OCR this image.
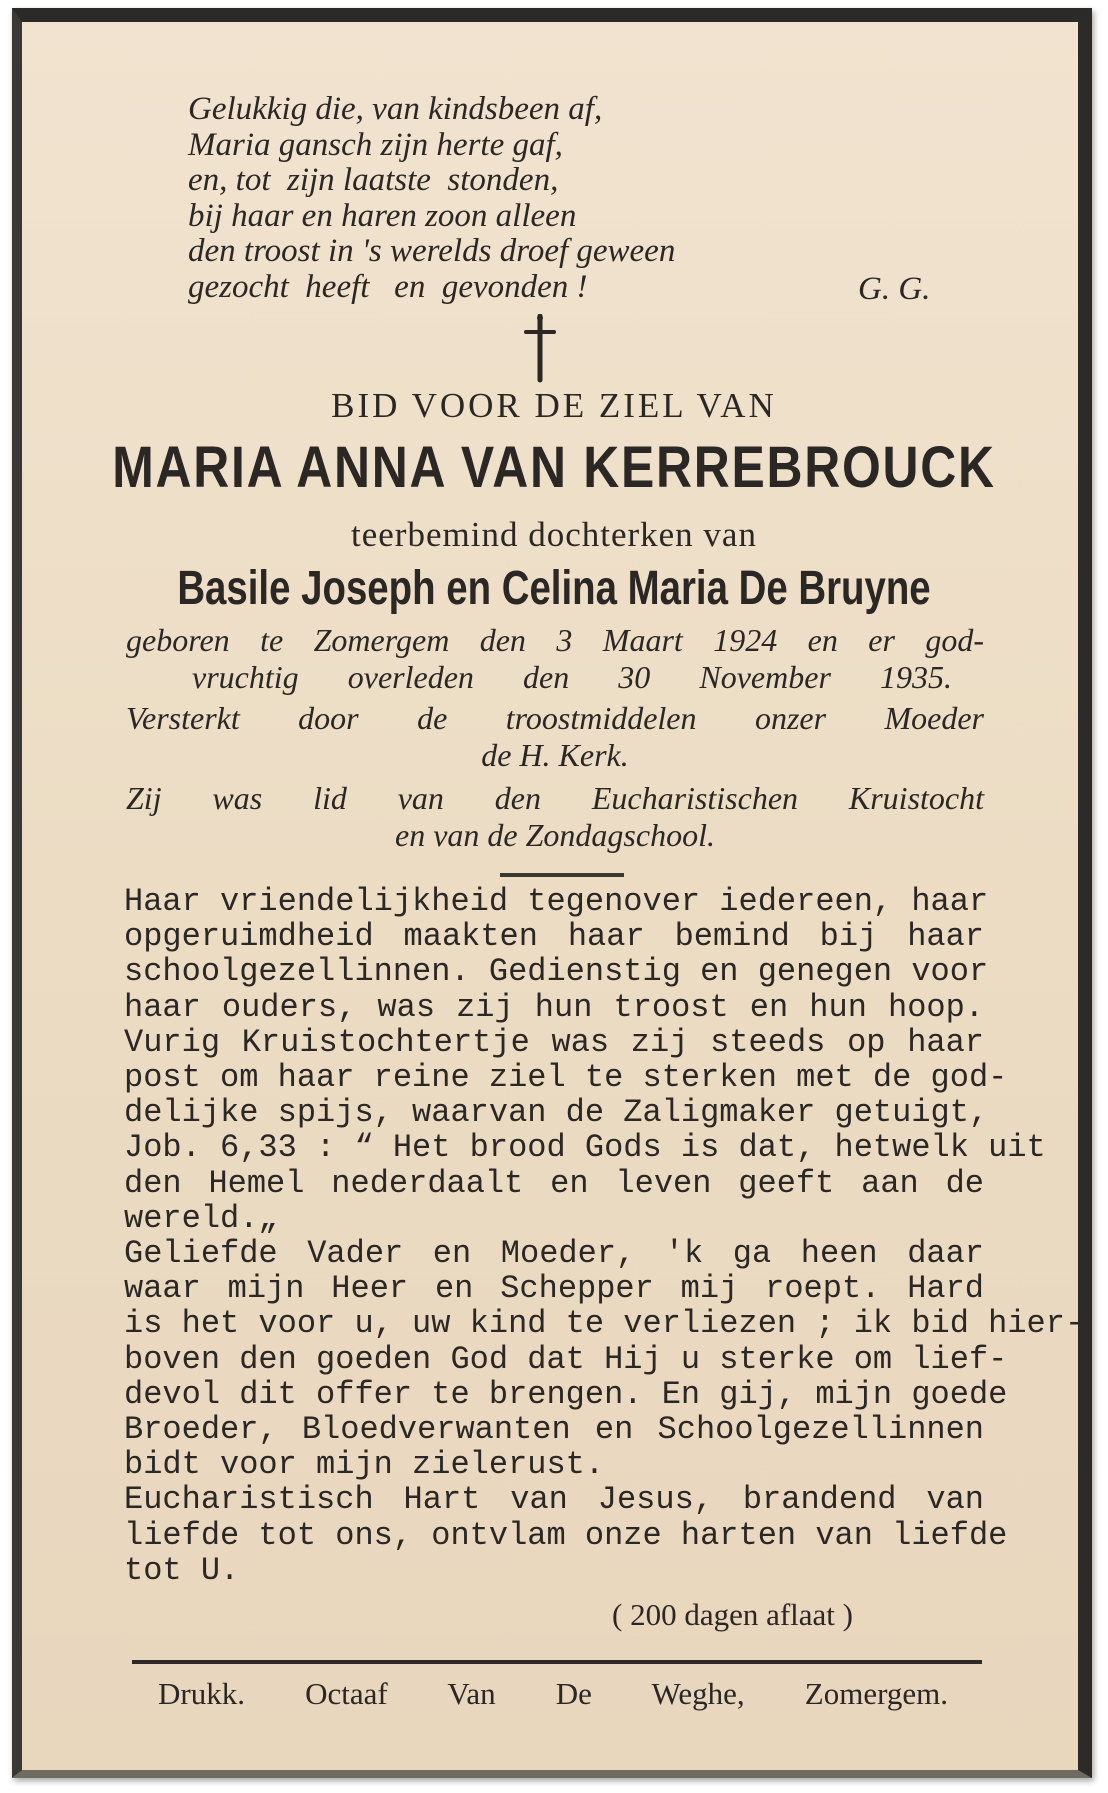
Gelukkig die, van kindsbeen af,
Maria gansch zijn herte gaf,
en, tot  zijn laatste  stonden,
bij haar en haren zoon alleen
den troost in 's werelds droef geween
gezocht  heeft   en  gevonden !	G. G.
BID VOOR DE ZIEL VAN
MARIA ANNA VAN KERREBROUCK
teerbemind dochterken van
Basile Joseph en Celina Maria De Bruyne
geboren te Zomergem den 3 Maart 1924 en er god-
vruchtig overleden den 30 November 1935.
Versterkt door de troostmiddelen onzer Moeder
de H. Kerk.
Zij was lid van den Eucharistischen Kruistocht
en van de Zondagschool.
Haar vriendelijkheid tegenover iedereen, haar
opgeruimdheid maakten haar bemind bij haar
schoolgezellinnen. Gedienstig en genegen voor
haar ouders, was zij hun troost en hun hoop.
Vurig Kruistochtertje was zij steeds op haar
post om haar reine ziel te sterken met de god-
delijke spijs, waarvan de Zaligmaker getuigt,
Job. 6,33 : “ Het brood Gods is dat, hetwelk uit
den Hemel nederdaalt en leven geeft aan de
wereld.„
Geliefde Vader en Moeder, 'k ga heen daar
waar mijn Heer en Schepper mij roept. Hard
is het voor u, uw kind te verliezen ; ik bid hier-
boven den goeden God dat Hij u sterke om lief-
devol dit offer te brengen. En gij, mijn goede
Broeder, Bloedverwanten en Schoolgezellinnen
bidt voor mijn zielerust.
Eucharistisch Hart van Jesus, brandend van
liefde tot ons, ontvlam onze harten van liefde
tot U.
( 200 dagen aflaat )
Drukk. Octaaf Van De Weghe, Zomergem.
